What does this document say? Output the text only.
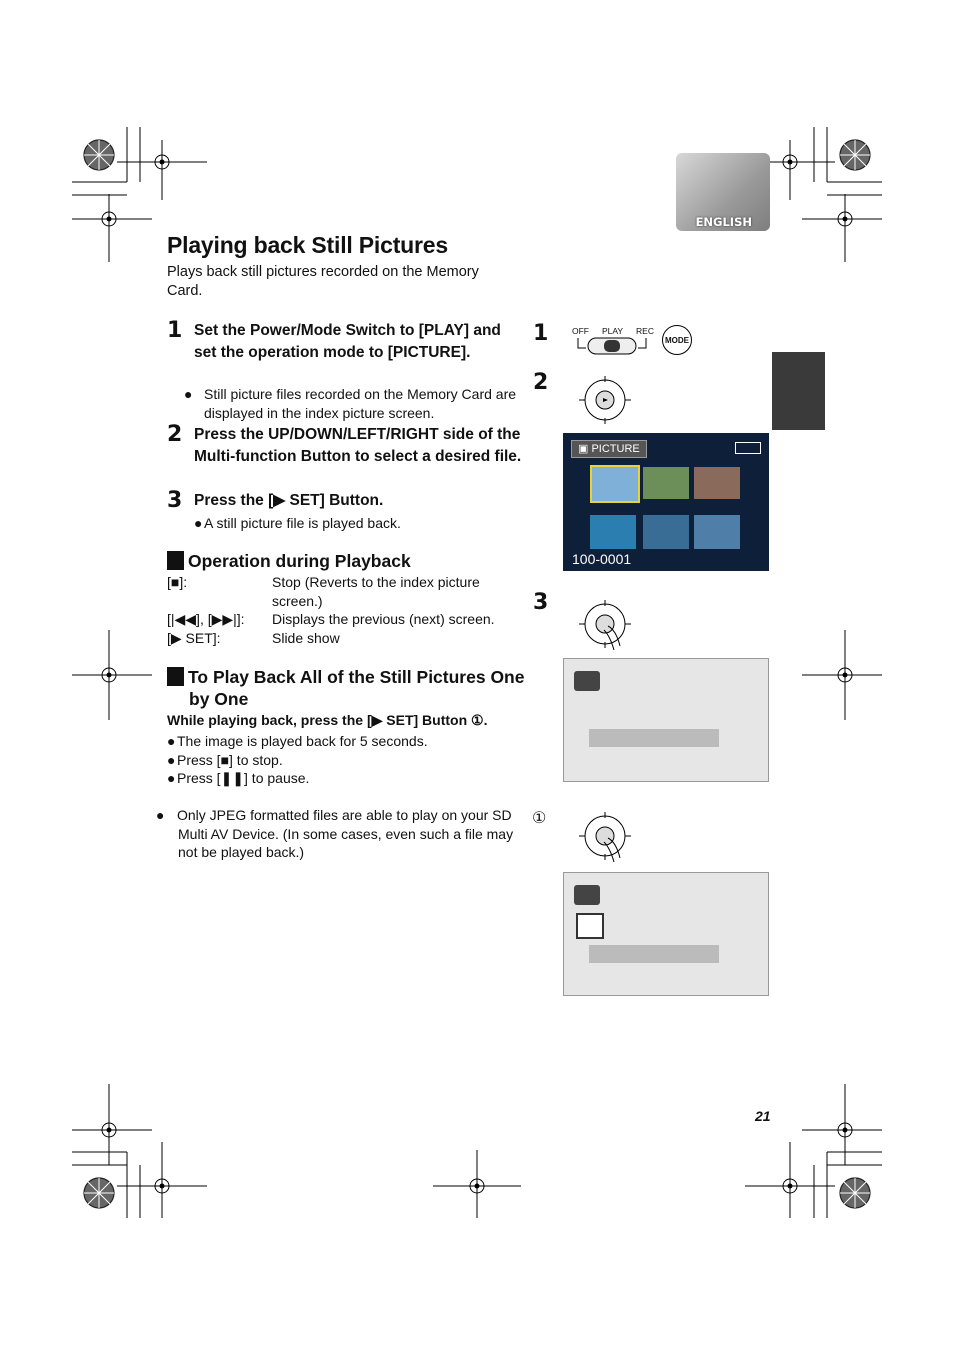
ENGLISH
Playing back Still Pictures
Plays back still pictures recorded on the Memory Card.
1 Set the Power/Mode Switch to [PLAY] and set the operation mode to [PICTURE].
● Still picture files recorded on the Memory Card are displayed in the index picture screen.
2 Press the UP/DOWN/LEFT/RIGHT side of the Multi-function Button to select a desired file.
3 Press the [▶ SET] Button.
● A still picture file is played back.
Operation during Playback
[■]:	Stop (Reverts to the index picture screen.)
[|◀◀], [▶▶|]:	Displays the previous (next) screen.
[▶ SET]:	Slide show
To Play Back All of the Still Pictures One by One
While playing back, press the [▶ SET] Button ①.
● The image is played back for 5 seconds.
● Press [■] to stop.
● Press [❚❚] to pause.
● Only JPEG formatted files are able to play on your SD Multi AV Device. (In some cases, even such a file may not be played back.)
1	OFF PLAY REC
MODE
2
▣ PICTURE
100-0001
3
①
21
